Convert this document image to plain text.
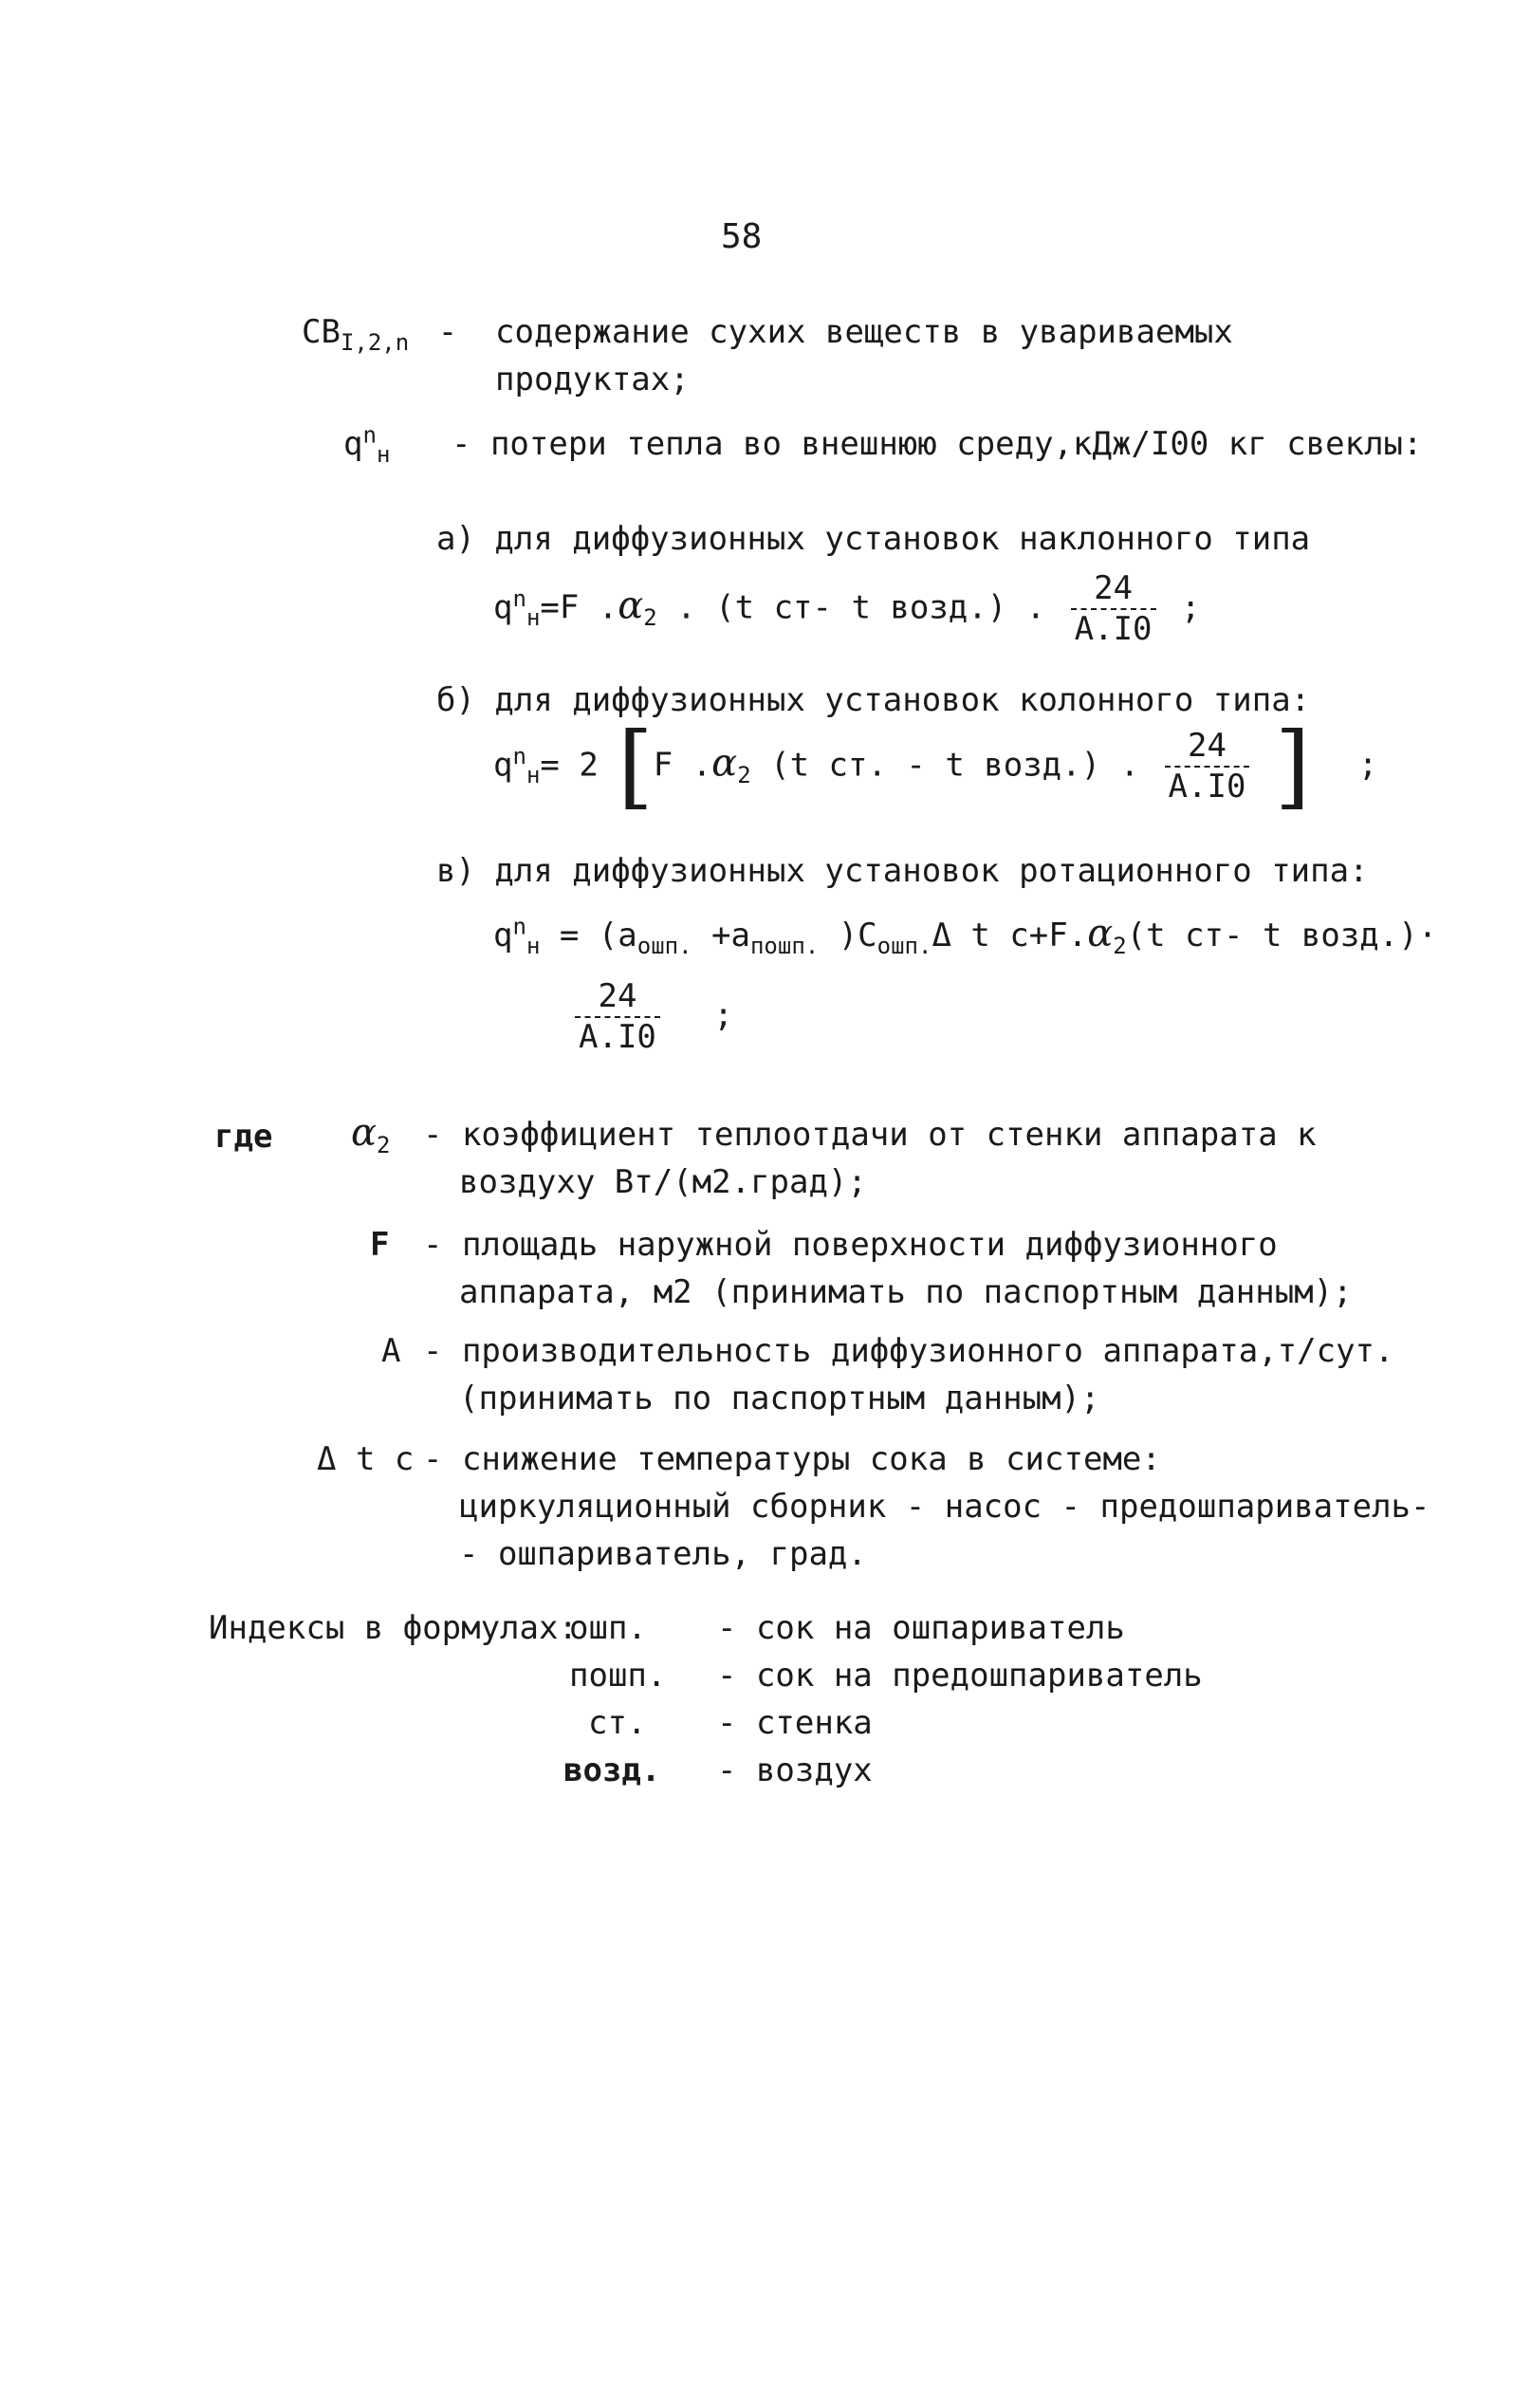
58
$СВ_{I,2,n}$ - содержание сухих веществ в увариваемых
продуктах;
$q^n_н$ - потери тепла во внешнюю среду,кДж/I00 кг свеклы:
а) для диффузионных установок наклонного типа
$q^n_н=F$ $.\alpha_2$ . (t ст- t возд.) . $\frac{24}{A.I0}$ ;
б) для диффузионных установок колонного типа:
$q^n_н= 2$ [F $.\alpha_2$ (t ст. - t возд.) . $\frac{24}{A.I0}$ ] ;
в) для диффузионных установок ротационного типа:
$q^n_н = (a_{ошп.} +a_{пошп.}$ )$C_{ошп.}\Delta$ t $c+F.\alpha_2(t$ ст- t возд.)·
$\frac{24}{A.I0}$ ;
где $\alpha_2$ - коэффициент теплоотдачи от стенки аппарата к
воздуху Вт/(м2.град);
F - площадь наружной поверхности диффузионного
аппарата, м2 (принимать по паспортным данным);
A - производительность диффузионного аппарата,т/сут.
(принимать по паспортным данным);
Δ t c - снижение температуры сока в системе:
циркуляционный сборник - насос - предошпариватель-
- ошпариватель, град.
Индексы в формулах:
ошп. - сок на ошпариватель
пошп. - сок на предошпариватель
ст. - стенка
возд. - воздух
